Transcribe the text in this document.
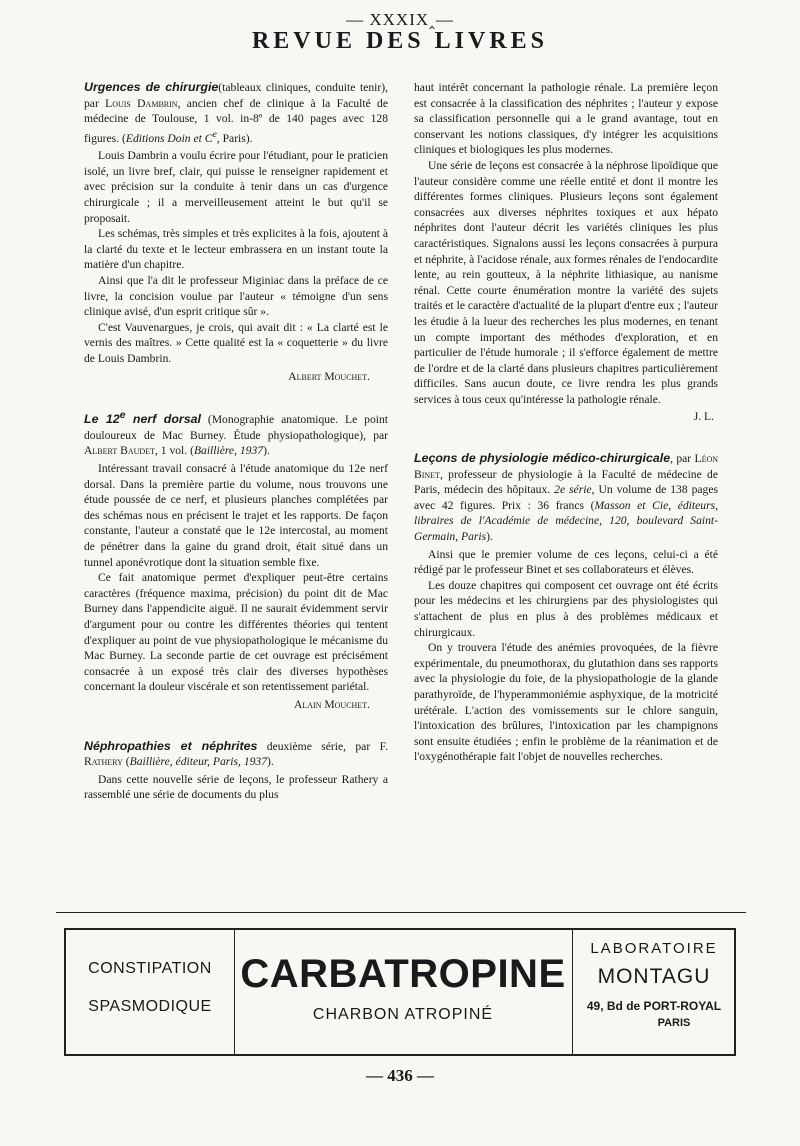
— XXXIX‸—
REVUE DES LIVRES

Urgences de chirurgie(tableaux cliniques, conduite tenir), par Louis Dambrin, ancien chef de clinique à la Faculté de médecine de Toulouse, 1 vol. in-8º de 140 pages avec 128 figures. (Editions Doin et Ce, Paris).

Louis Dambrin a voulu écrire pour l'étudiant, pour le praticien isolé, un livre bref, clair, qui puisse le renseigner rapidement et avec précision sur la conduite à tenir dans un cas d'urgence chirurgicale ; il a merveilleusement atteint le but qu'il se proposait.

Les schémas, très simples et très explicites à la fois, ajoutent à la clarté du texte et le lecteur embrassera en un instant toute la matière d'un chapitre.

Ainsi que l'a dit le professeur Miginiac dans la préface de ce livre, la concision voulue par l'auteur « témoigne d'un sens clinique avisé, d'un esprit critique sûr ».

C'est Vauvenargues, je crois, qui avait dit : « La clarté est le vernis des maîtres. » Cette qualité est la « coquetterie » du livre de Louis Dambrin.

Albert Mouchet.

Le 12e nerf dorsal (Monographie anatomique. Le point douloureux de Mac Burney. Étude physiopathologique), par Albert Baudet, 1 vol. (Baillière, 1937).

Intéressant travail consacré à l'étude anatomique du 12e nerf dorsal. Dans la première partie du volume, nous trouvons une étude poussée de ce nerf, et plusieurs planches complétées par des schémas nous en précisent le trajet et les rapports. De façon constante, l'auteur a constaté que le 12e intercostal, au moment de pénétrer dans la gaine du grand droit, était situé dans un tunnel aponévrotique dont la situation semble fixe.

Ce fait anatomique permet d'expliquer peut-être certains caractères (fréquence maxima, précision) du point dit de Mac Burney dans l'appendicite aiguë. Il ne saurait évidemment servir d'argument pour ou contre les différentes théories qui tentent d'expliquer au point de vue physiopathologique le mécanisme du Mac Burney. La seconde partie de cet ouvrage est précisément consacrée à un exposé très clair des diverses hypothèses concernant la douleur viscérale et son retentissement pariétal.

Alain Mouchet.

Néphropathies et néphrites deuxième série, par F. Rathery (Baillière, éditeur, Paris, 1937).

Dans cette nouvelle série de leçons, le professeur Rathery a rassemblé une série de documents du plus

haut intérêt concernant la pathologie rénale. La première leçon est consacrée à la classification des néphrites ; l'auteur y expose sa classification personnelle qui a le grand avantage, tout en conservant les notions classiques, d'y intégrer les acquisitions cliniques et biologiques les plus modernes.

Une série de leçons est consacrée à la néphrose lipoïdique que l'auteur considère comme une réelle entité et dont il montre les différentes formes cliniques. Plusieurs leçons sont également consacrées aux diverses néphrites toxiques et aux hépato néphrites dont l'auteur décrit les variétés cliniques les plus caractéristiques. Signalons aussi les leçons consacrées à purpura et néphrite, à l'acidose rénale, aux formes rénales de l'endocardite lente, au rein goutteux, à la néphrite lithiasique, au nanisme rénal. Cette courte énumération montre la variété des sujets traités et le caractère d'actualité de la plupart d'entre eux ; l'auteur les étudie à la lueur des recherches les plus modernes, en tenant un compte important des méthodes d'exploration, et en particulier de l'étude humorale ; il s'efforce également de mettre de l'ordre et de la clarté dans plusieurs chapitres particulièrement difficiles. Sans aucun doute, ce livre rendra les plus grands services à tous ceux qu'intéresse la pathologie rénale.

J. L.

Leçons de physiologie médico-chirurgicale, par Léon Binet, professeur de physiologie à la Faculté de médecine de Paris, médecin des hôpitaux. 2e série, Un volume de 138 pages avec 42 figures. Prix : 36 francs (Masson et Cie, éditeurs, libraires de l'Académie de médecine, 120, boulevard Saint-Germain, Paris).

Ainsi que le premier volume de ces leçons, celui-ci a été rédigé par le professeur Binet et ses collaborateurs et élèves.

Les douze chapitres qui composent cet ouvrage ont été écrits pour les médecins et les chirurgiens par des physiologistes qui s'attachent de plus en plus à des problèmes médicaux et chirurgicaux.

On y trouvera l'étude des anémies provoquées, de la fièvre expérimentale, du pneumothorax, du glutathion dans ses rapports avec la physiologie du foie, de la physiopathologie de la glande parathyroïde, de l'hyperammoniémie asphyxique, de la motricité urétérale. L'action des vomissements sur le chlore sanguin, l'intoxication des brûlures, l'intoxication par les champignons sont ensuite étudiées ; enfin le problème de la réanimation et de l'oxygénothérapie fait l'objet de nouvelles recherches.

CONSTIPATION
SPASMODIQUE
CARBATROPINE
CHARBON ATROPINÉ
LABORATOIRE
MONTAGU
49, Bd de PORT-ROYAL
PARIS
— 436 —
